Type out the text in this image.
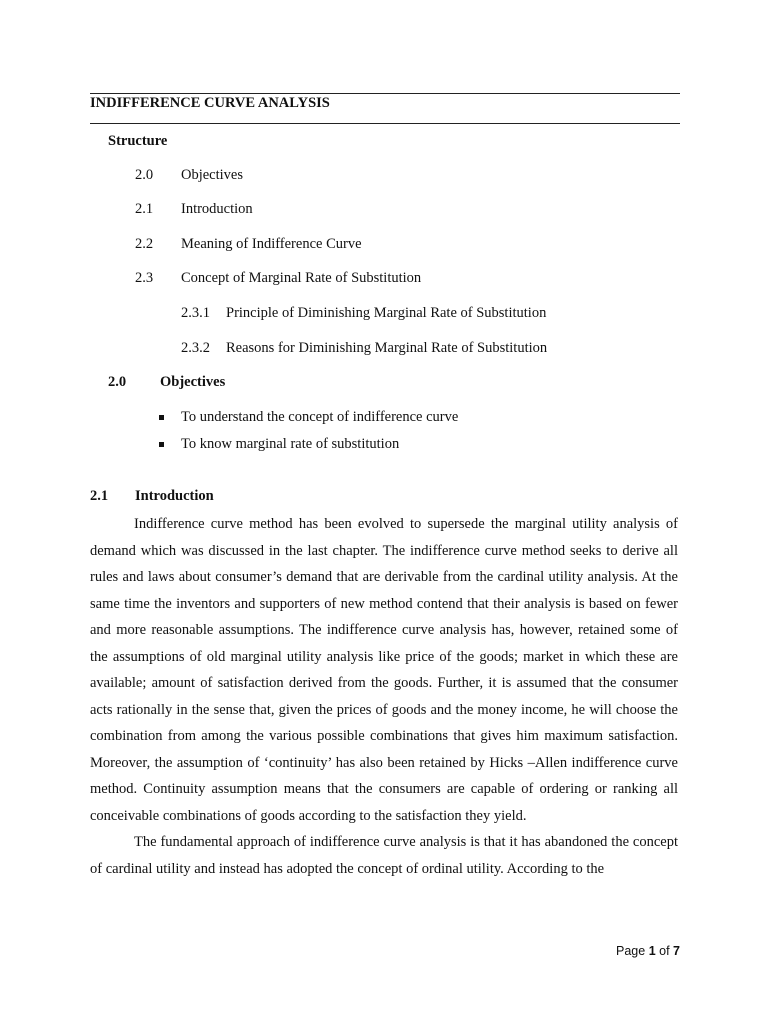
INDIFFERENCE CURVE ANALYSIS
Structure
2.0 Objectives
2.1 Introduction
2.2 Meaning of Indifference Curve
2.3 Concept of Marginal Rate of Substitution
2.3.1 Principle of Diminishing Marginal Rate of Substitution
2.3.2 Reasons for Diminishing Marginal Rate of Substitution
2.0 Objectives
To understand the concept of indifference curve
To know marginal rate of substitution
2.1 Introduction

Indifference curve method has been evolved to supersede the marginal utility analysis of demand which was discussed in the last chapter. The indifference curve method seeks to derive all rules and laws about consumer’s demand that are derivable from the cardinal utility analysis. At the same time the inventors and supporters of new method contend that their analysis is based on fewer and more reasonable assumptions. The indifference curve analysis has, however, retained some of the assumptions of old marginal utility analysis like price of the goods; market in which these are available; amount of satisfaction derived from the goods. Further, it is assumed that the consumer acts rationally in the sense that, given the prices of goods and the money income, he will choose the combination from among the various possible combinations that gives him maximum satisfaction. Moreover, the assumption of ‘continuity’ has also been retained by Hicks –Allen indifference curve method. Continuity assumption means that the consumers are capable of ordering or ranking all conceivable combinations of goods according to the satisfaction they yield.

The fundamental approach of indifference curve analysis is that it has abandoned the concept of cardinal utility and instead has adopted the concept of ordinal utility. According to the

Page 1 of 7
